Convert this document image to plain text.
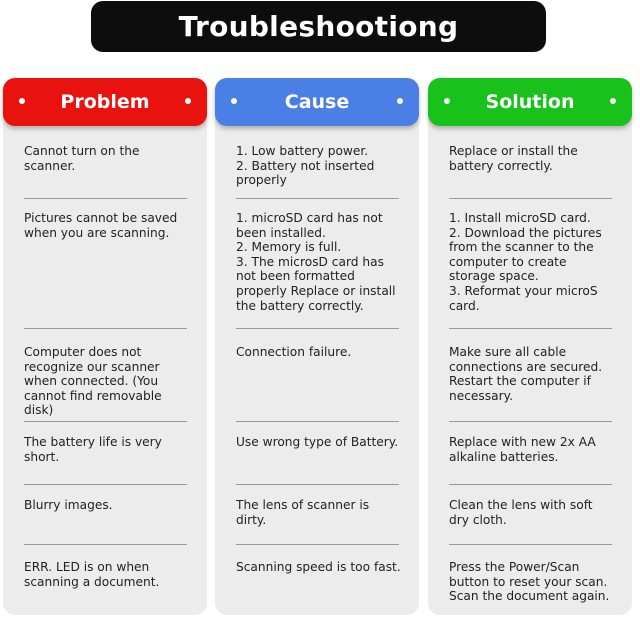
Troubleshootiong
Problem
Cannot turn on the scanner.
Pictures cannot be saved when you are scanning.
Computer does not recognize our scanner when connected. (You cannot find removable disk)
The battery life is very short.
Blurry images.
ERR. LED is on when scanning a document.
Cause
1. Low battery power.
2. Battery not inserted properly
1. microSD card has not been installed.
2. Memory is full.
3. The microsD card has not been formatted properly Replace or install the battery correctly.
Connection failure.
Use wrong type of Battery.
The lens of scanner is dirty.
Scanning speed is too fast.
Solution
Replace or install the battery correctly.
1. Install microSD card.
2. Download the pictures from the scanner to the computer to create storage space.
3. Reformat your microS card.
Make sure all cable connections are secured. Restart the computer if necessary.
Replace with new 2x AA alkaline batteries.
Clean the lens with soft dry cloth.
Press the Power/Scan button to reset your scan. Scan the document again.
